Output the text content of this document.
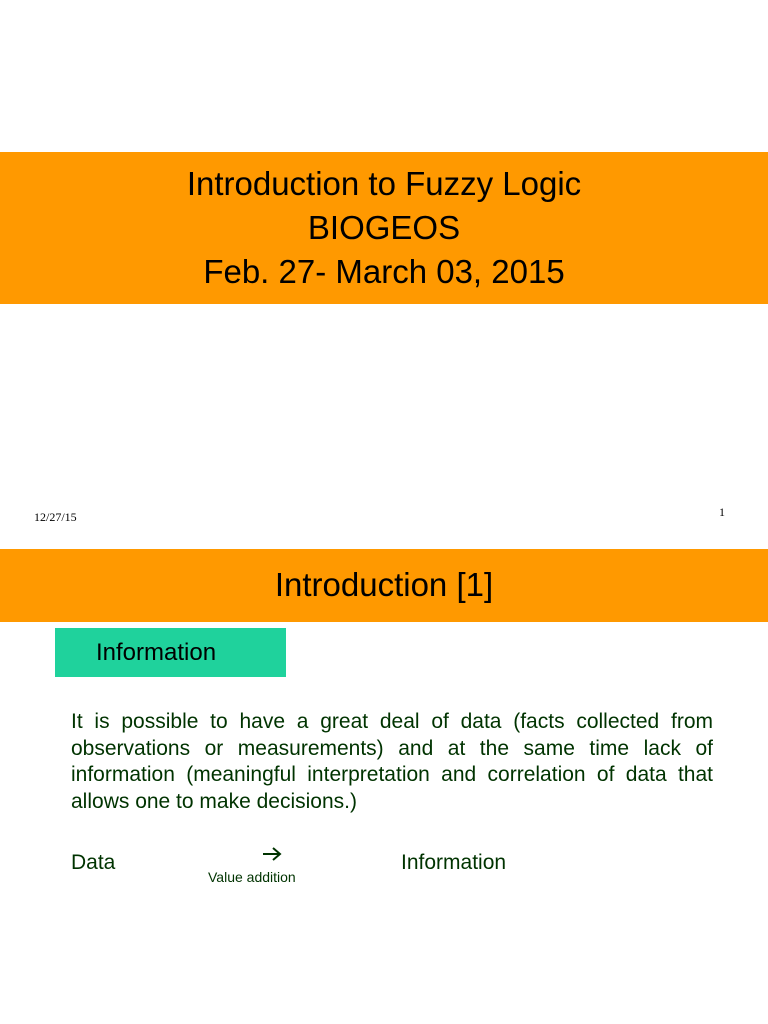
Introduction to Fuzzy Logic
BIOGEOS
Feb. 27- March 03, 2015
12/27/15	1
Introduction [1]
Information
It is possible to have a great deal of data (facts collected from observations or measurements) and at the same time lack of information (meaningful interpretation and correlation of data that allows one to make decisions.)
Data
Value addition
Information
